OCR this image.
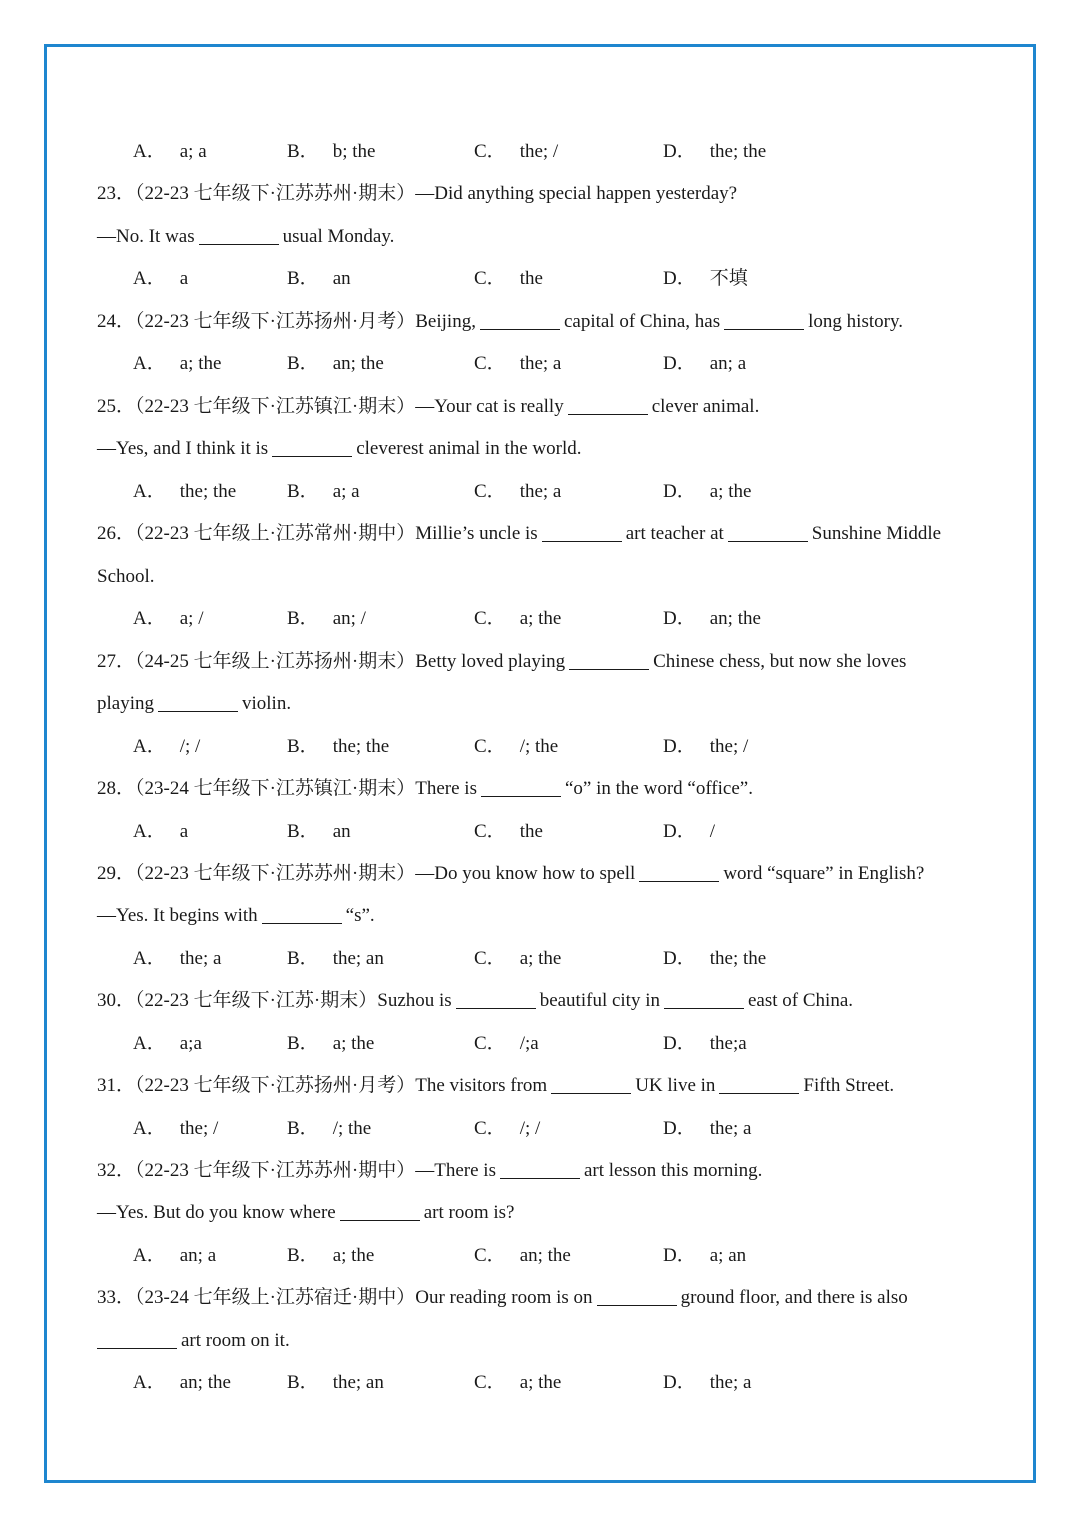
A． a; a	B． b; the	C． the; /	D． the; the
23．（22-23 七年级下·江苏苏州·期末）—Did anything special happen yesterday?
—No. It was	usual Monday.
A． a	B． an	C． the	D． 不填
24．（22-23 七年级下·江苏扬州·月考）Beijing,	capital of China, has	long history.
A． a; the	B． an; the	C． the; a	D． an; a
25．（22-23 七年级下·江苏镇江·期末）—Your cat is really	clever animal.
—Yes, and I think it is	cleverest animal in the world.
A． the; the	B． a; a	C． the; a	D． a; the
26．（22-23 七年级上·江苏常州·期中）Millie’s uncle is	art teacher at	Sunshine Middle
School.
A． a; /	B． an; /	C． a; the	D． an; the
27．（24-25 七年级上·江苏扬州·期末）Betty loved playing	Chinese chess, but now she loves
playing	violin.
A． /; /	B． the; the	C． /; the	D． the; /
28．（23-24 七年级下·江苏镇江·期末）There is	“o” in the word “office”.
A． a	B． an	C． the	D． /
29．（22-23 七年级下·江苏苏州·期末）—Do you know how to spell	word “square” in English?
—Yes. It begins with	“s”.
A． the; a	B． the; an	C． a; the	D． the; the
30．（22-23 七年级下·江苏·期末）Suzhou is	beautiful city in	east of China.
A． a;a	B． a; the	C． /;a	D． the;a
31．（22-23 七年级下·江苏扬州·月考）The visitors from	UK live in	Fifth Street.
A． the; /	B． /; the	C． /; /	D． the; a
32．（22-23 七年级下·江苏苏州·期中）—There is	art lesson this morning.
—Yes. But do you know where	art room is?
A． an; a	B． a; the	C． an; the	D． a; an
33．（23-24 七年级上·江苏宿迁·期中）Our reading room is on	ground floor, and there is also
art room on it.
A． an; the	B． the; an	C． a; the	D． the; a
